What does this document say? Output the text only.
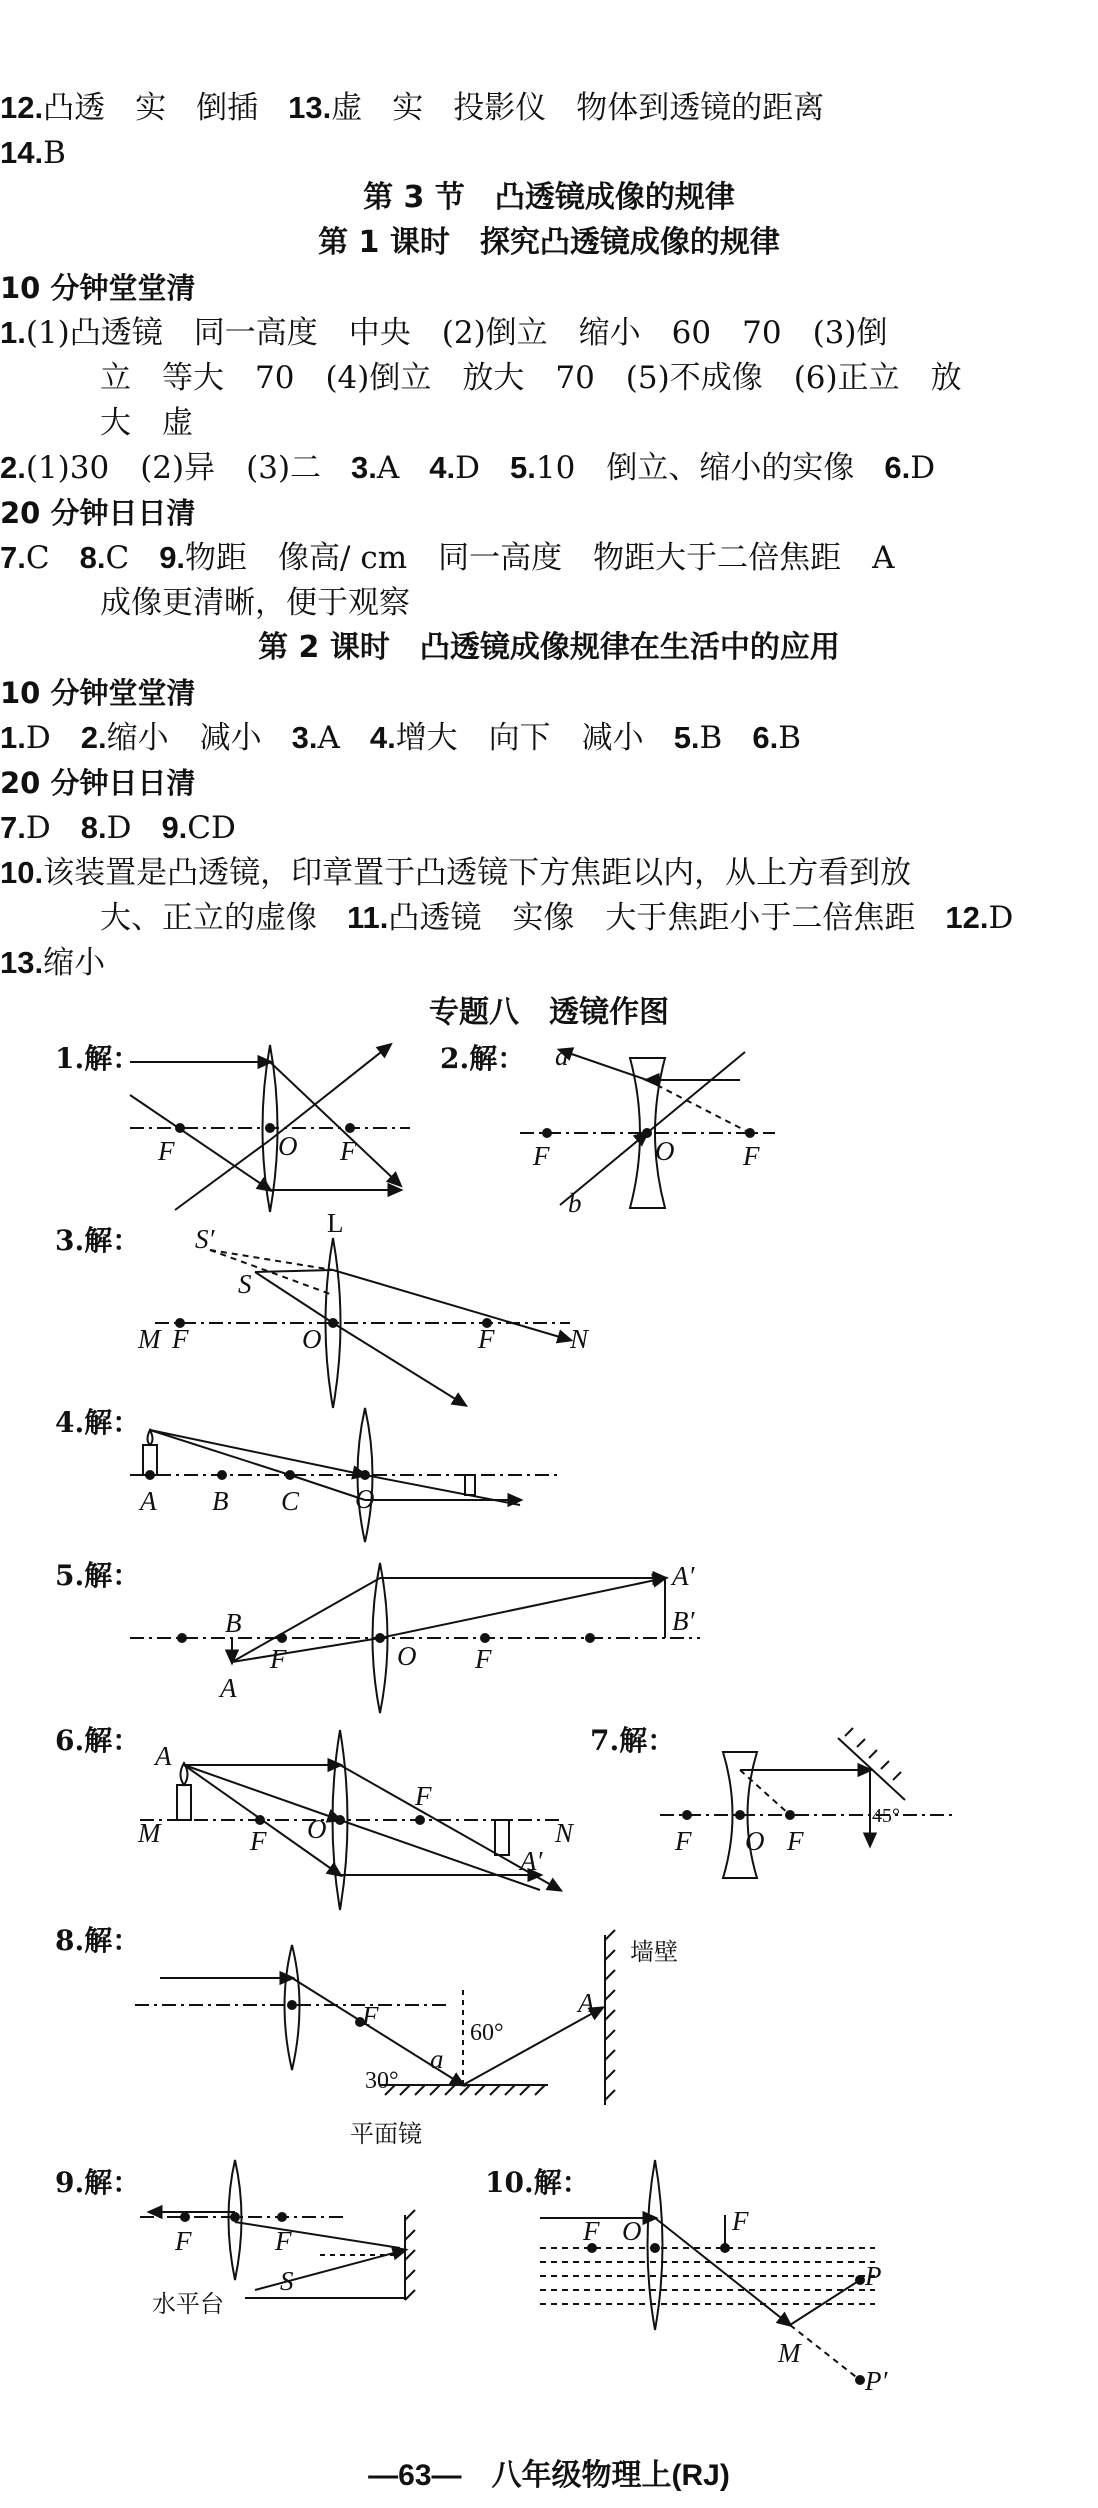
12.凸透 实 倒插 13.虚 实 投影仪 物体到透镜的距离
14.B
第 3 节　凸透镜成像的规律
第 1 课时　探究凸透镜成像的规律
10 分钟堂堂清
1.(1)凸透镜　同一高度　中央　(2)倒立　缩小　60　70　(3)倒
立　等大　70　(4)倒立　放大　70　(5)不成像　(6)正立　放
大　虚
2.(1)30　(2)异　(3)二 3.A 4.D 5.10　倒立、缩小的实像 6.D
20 分钟日日清
7.C 8.C 9.物距　像高/ cm　同一高度　物距大于二倍焦距　A
成像更清晰，便于观察
第 2 课时　凸透镜成像规律在生活中的应用
10 分钟堂堂清
1.D 2.缩小　减小 3.A 4.增大　向下　减小 5.B 6.B
20 分钟日日清
7.D 8.D 9.CD
10.该装置是凸透镜，印章置于凸透镜下方焦距以内，从上方看到放
大、正立的虚像 11.凸透镜　实像　大于焦距小于二倍焦距 12.D
13.缩小
专题八　透镜作图
1.解：
F	O F
2.解： a
b
F	O	F
3.解： S′
S
L
M F	O	F	N
4.解：
A B C O
5.解：
B
A
F	O F
A′
B′
6.解： A
M	F O
F
A′
N
7.解：
45°
F O F
8.解：
F
a
30°
60°
A
墙壁
平面镜
9.解：
F	F
S
水平台
10.解：
F O	F
P
M
P′
—63— 八年级物理上(RJ)
